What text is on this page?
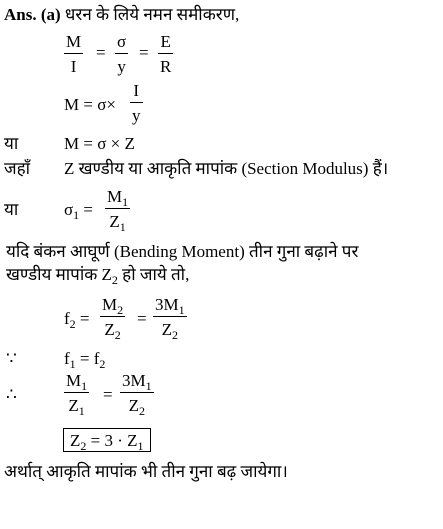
Ans. (a) धरन के लिये नमन समीकरण,
M
I
=
σ
y
=
E
R
M = σ×
I
y
या	M = σ × Z
जहाँ Z खण्डीय या आकृति मापांक (Section Modulus) हैं।
या	$\sigma_1$ =
$M_1$
$Z_1$
यदि बंकन आघूर्ण (Bending Moment) तीन गुना बढ़ाने पर
खण्डीय मापांक $Z_2$ हो जाये तो,
$f_2$ =
$M_2$
$Z_2$
=
$3M_1$
$Z_2$
∵	$f_1 = f_2$
∴
$M_1$
$Z_1$
=
$3M_1$
$Z_2$
$Z_2 = 3 \cdot Z_1$
अर्थात् आकृति मापांक भी तीन गुना बढ़ जायेगा।
